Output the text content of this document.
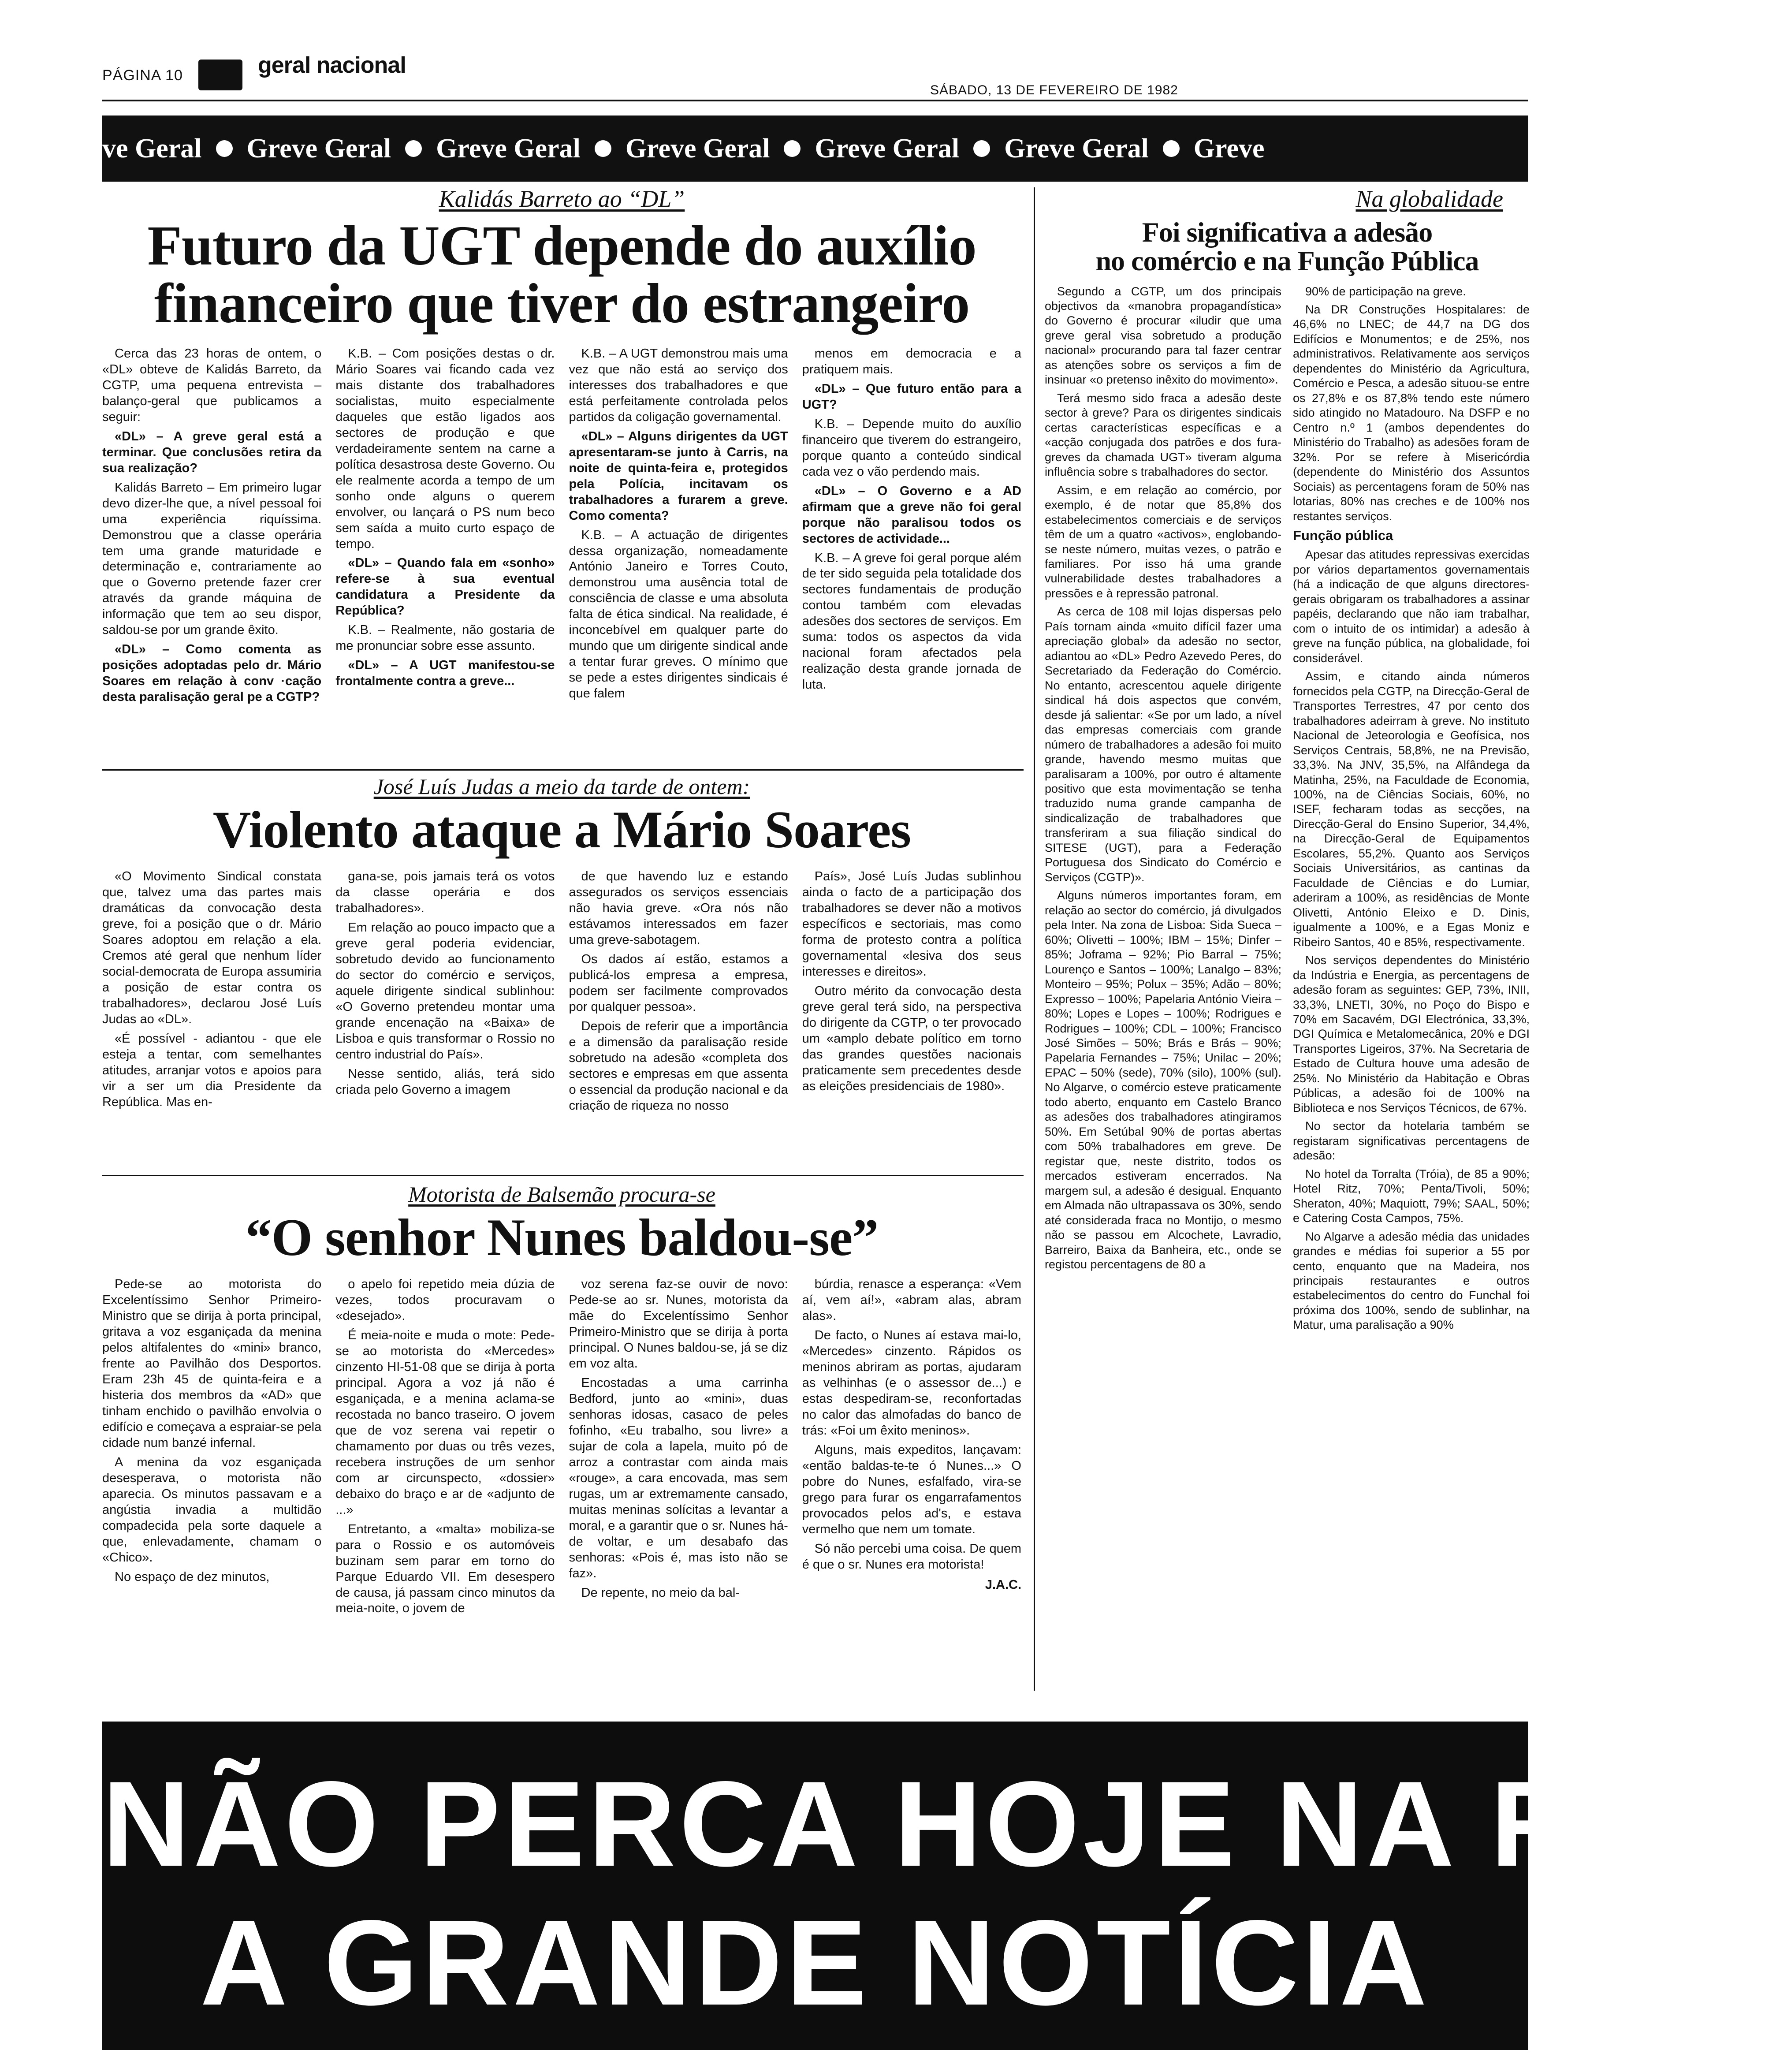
PÁGINA 10	geral nacional
SÁBADO, 13 DE FEVEREIRO DE 1982
ve Geral Greve Geral Greve Geral Greve Geral Greve Geral Greve Geral Greve
Kalidás Barreto ao “DL”
Futuro da UGT depende do auxílio
financeiro que tiver do estrangeiro

Cerca das 23 horas de ontem, o «DL» obteve de Kalidás Barreto, da CGTP, uma pequena entrevista – balanço-geral que publicamos a seguir:

«DL» – A greve geral está a terminar. Que conclusões retira da sua realização?

Kalidás Barreto – Em primeiro lugar devo dizer-lhe que, a nível pessoal foi uma experiência riquíssima. Demonstrou que a classe operária tem uma grande maturidade e determinação e, contrariamente ao que o Governo pretende fazer crer através da grande máquina de informação que tem ao seu dispor, saldou-se por um grande êxito.

«DL» – Como comenta as posições adoptadas pelo dr. Mário Soares em relação à conv ·cação desta paralisação geral pe a CGTP?

K.B. – Com posições destas o dr. Mário Soares vai ficando cada vez mais distante dos trabalhadores socialistas, muito especialmente daqueles que estão ligados aos sectores de produção e que verdadeiramente sentem na carne a política desastrosa deste Governo. Ou ele realmente acorda a tempo de um sonho onde alguns o querem envolver, ou lançará o PS num beco sem saída a muito curto espaço de tempo.

«DL» – Quando fala em «sonho» refere-se à sua eventual candidatura a Presidente da República?

K.B. – Realmente, não gostaria de me pronunciar sobre esse assunto.

«DL» – A UGT manifestou-se frontalmente contra a greve...

K.B. – A UGT demonstrou mais uma vez que não está ao serviço dos interesses dos trabalhadores e que está perfeitamente controlada pelos partidos da coligação governamental.

«DL» – Alguns dirigentes da UGT apresentaram-se junto à Carris, na noite de quinta-feira e, protegidos pela Polícia, incitavam os trabalhadores a furarem a greve. Como comenta?

K.B. – A actuação de dirigentes dessa organização, nomeadamente António Janeiro e Torres Couto, demonstrou uma ausência total de consciência de classe e uma absoluta falta de ética sindical. Na realidade, é inconcebível em qualquer parte do mundo que um dirigente sindical ande a tentar furar greves. O mínimo que se pede a estes dirigentes sindicais é que falem

menos em democracia e a pratiquem mais.

«DL» – Que futuro então para a UGT?

K.B. – Depende muito do auxílio financeiro que tiverem do estrangeiro, porque quanto a conteúdo sindical cada vez o vão perdendo mais.

«DL» – O Governo e a AD afirmam que a greve não foi geral porque não paralisou todos os sectores de actividade...

K.B. – A greve foi geral porque além de ter sido seguida pela totalidade dos sectores fundamentais de produção contou também com elevadas adesões dos sectores de serviços. Em suma: todos os aspectos da vida nacional foram afectados pela realização desta grande jornada de luta.

José Luís Judas a meio da tarde de ontem:
Violento ataque a Mário Soares

«O Movimento Sindical constata que, talvez uma das partes mais dramáticas da convocação desta greve, foi a posição que o dr. Mário Soares adoptou em relação a ela. Cremos até geral que nenhum líder social-democrata de Europa assumiria a posição de estar contra os trabalhadores», declarou José Luís Judas ao «DL».

«É possível - adiantou - que ele esteja a tentar, com semelhantes atitudes, arranjar votos e apoios para vir a ser um dia Presidente da República. Mas en-

gana-se, pois jamais terá os votos da classe operária e dos trabalhadores».

Em relação ao pouco impacto que a greve geral poderia evidenciar, sobretudo devido ao funcionamento do sector do comércio e serviços, aquele dirigente sindical sublinhou: «O Governo pretendeu montar uma grande encenação na «Baixa» de Lisboa e quis transformar o Rossio no centro industrial do País».

Nesse sentido, aliás, terá sido criada pelo Governo a imagem

de que havendo luz e estando assegurados os serviços essenciais não havia greve. «Ora nós não estávamos interessados em fazer uma greve-sabotagem.

Os dados aí estão, estamos a publicá-los empresa a empresa, podem ser facilmente comprovados por qualquer pessoa».

Depois de referir que a importância e a dimensão da paralisação reside sobretudo na adesão «completa dos sectores e empresas em que assenta o essencial da produção nacional e da criação de riqueza no nosso

País», José Luís Judas sublinhou ainda o facto de a participação dos trabalhadores se dever não a motivos específicos e sectoriais, mas como forma de protesto contra a política governamental «lesiva dos seus interesses e direitos».

Outro mérito da convocação desta greve geral terá sido, na perspectiva do dirigente da CGTP, o ter provocado um «amplo debate político em torno das grandes questões nacionais praticamente sem precedentes desde as eleições presidenciais de 1980».

Motorista de Balsemão procura-se
“O senhor Nunes baldou-se”

Pede-se ao motorista do Excelentíssimo Senhor Primeiro-Ministro que se dirija à porta principal, gritava a voz esganiçada da menina pelos altifalentes do «mini» branco, frente ao Pavilhão dos Desportos. Eram 23h 45 de quinta-feira e a histeria dos membros da «AD» que tinham enchido o pavilhão envolvia o edifício e começava a espraiar-se pela cidade num banzé infernal.

A menina da voz esganiçada desesperava, o motorista não aparecia. Os minutos passavam e a angústia invadia a multidão compadecida pela sorte daquele a que, enlevadamente, chamam o «Chico».

No espaço de dez minutos,

o apelo foi repetido meia dúzia de vezes, todos procuravam o «desejado».

É meia-noite e muda o mote: Pede-se ao motorista do «Mercedes» cinzento HI-51-08 que se dirija à porta principal. Agora a voz já não é esganiçada, e a menina aclama-se recostada no banco traseiro. O jovem que de voz serena vai repetir o chamamento por duas ou três vezes, recebera instruções de um senhor com ar circunspecto, «dossier» debaixo do braço e ar de «adjunto de ...»

Entretanto, a «malta» mobiliza-se para o Rossio e os automóveis buzinam sem parar em torno do Parque Eduardo VII. Em desespero de causa, já passam cinco minutos da meia-noite, o jovem de

voz serena faz-se ouvir de novo: Pede-se ao sr. Nunes, motorista da mãe do Excelentíssimo Senhor Primeiro-Ministro que se dirija à porta principal. O Nunes baldou-se, já se diz em voz alta.

Encostadas a uma carrinha Bedford, junto ao «mini», duas senhoras idosas, casaco de peles fofinho, «Eu trabalho, sou livre» a sujar de cola a lapela, muito pó de arroz a contrastar com ainda mais «rouge», a cara encovada, mas sem rugas, um ar extremamente cansado, muitas meninas solícitas a levantar a moral, e a garantir que o sr. Nunes há-de voltar, e um desabafo das senhoras: «Pois é, mas isto não se faz».

De repente, no meio da bal-

búrdia, renasce a esperança: «Vem aí, vem aí!», «abram alas, abram alas».

De facto, o Nunes aí estava mai-lo, «Mercedes» cinzento. Rápidos os meninos abriram as portas, ajudaram as velhinhas (e o assessor de...) e estas despediram-se, reconfortadas no calor das almofadas do banco de trás: «Foi um êxito meninos».

Alguns, mais expeditos, lançavam: «então baldas-te-te ó Nunes...» O pobre do Nunes, esfalfado, vira-se grego para furar os engarrafamentos provocados pelos ad's, e estava vermelho que nem um tomate.

Só não percebi uma coisa. De quem é que o sr. Nunes era motorista!

J.A.C.
Na globalidade
Foi significativa a adesão
no comércio e na Função Pública

Segundo a CGTP, um dos principais objectivos da «manobra propagandística» do Governo é procurar «iludir que uma greve geral visa sobretudo a produção nacional» procurando para tal fazer centrar as atenções sobre os serviços a fim de insinuar «o pretenso inêxito do movimento».

Terá mesmo sido fraca a adesão deste sector à greve? Para os dirigentes sindicais certas características específicas e a «acção conjugada dos patrões e dos fura-greves da chamada UGT» tiveram alguma influência sobre s trabalhadores do sector.

Assim, e em relação ao comércio, por exemplo, é de notar que 85,8% dos estabelecimentos comerciais e de serviços têm de um a quatro «activos», englobando-se neste número, muitas vezes, o patrão e familiares. Por isso há uma grande vulnerabilidade destes trabalhadores a pressões e à repressão patronal.

As cerca de 108 mil lojas dispersas pelo País tornam ainda «muito difícil fazer uma apreciação global» da adesão no sector, adiantou ao «DL» Pedro Azevedo Peres, do Secretariado da Federação do Comércio. No entanto, acrescentou aquele dirigente sindical há dois aspectos que convém, desde já salientar: «Se por um lado, a nível das empresas comerciais com grande número de trabalhadores a adesão foi muito grande, havendo mesmo muitas que paralisaram a 100%, por outro é altamente positivo que esta movimentação se tenha traduzido numa grande campanha de sindicalização de trabalhadores que transferiram a sua filiação sindical do SITESE (UGT), para a Federação Portuguesa dos Sindicato do Comércio e Serviços (CGTP)».

Alguns números importantes foram, em relação ao sector do comércio, já divulgados pela Inter. Na zona de Lisboa: Sida Sueca – 60%; Olivetti – 100%; IBM – 15%; Dinfer – 85%; Joframa – 92%; Pio Barral – 75%; Lourenço e Santos – 100%; Lanalgo – 83%; Monteiro – 95%; Polux – 35%; Adão – 80%; Expresso – 100%; Papelaria António Vieira – 80%; Lopes e Lopes – 100%; Rodrigues e Rodrigues – 100%; CDL – 100%; Francisco José Simões – 50%; Brás e Brás – 90%; Papelaria Fernandes – 75%; Unilac – 20%; EPAC – 50% (sede), 70% (silo), 100% (sul). No Algarve, o comércio esteve praticamente todo aberto, enquanto em Castelo Branco as adesões dos trabalhadores atingiramos 50%. Em Setúbal 90% de portas abertas com 50% trabalhadores em greve. De registar que, neste distrito, todos os mercados estiveram encerrados. Na margem sul, a adesão é desigual. Enquanto em Almada não ultrapassava os 30%, sendo até considerada fraca no Montijo, o mesmo não se passou em Alcochete, Lavradio, Barreiro, Baixa da Banheira, etc., onde se registou percentagens de 80 a

90% de participação na greve.

Na DR Construções Hospitalares: de 46,6% no LNEC; de 44,7 na DG dos Edifícios e Monumentos; e de 25%, nos administrativos. Relativamente aos serviços dependentes do Ministério da Agricultura, Comércio e Pesca, a adesão situou-se entre os 27,8% e os 87,8% tendo este número sido atingido no Matadouro. Na DSFP e no Centro n.º 1 (ambos dependentes do Ministério do Trabalho) as adesões foram de 32%. Por se refere à Misericórdia (dependente do Ministério dos Assuntos Sociais) as percentagens foram de 50% nas lotarias, 80% nas creches e de 100% nos restantes serviços.

Função pública

Apesar das atitudes repressivas exercidas por vários departamentos governamentais (há a indicação de que alguns directores-gerais obrigaram os trabalhadores a assinar papéis, declarando que não iam trabalhar, com o intuito de os intimidar) a adesão à greve na função pública, na globalidade, foi considerável.

Assim, e citando ainda números fornecidos pela CGTP, na Direcção-Geral de Transportes Terrestres, 47 por cento dos trabalhadores adeirram à greve. No instituto Nacional de Jeteorologia e Geofísica, nos Serviços Centrais, 58,8%, ne na Previsão, 33,3%. Na JNV, 35,5%, na Alfândega da Matinha, 25%, na Faculdade de Economia, 100%, na de Ciências Sociais, 60%, no ISEF, fecharam todas as secções, na Direcção-Geral do Ensino Superior, 34,4%, na Direcção-Geral de Equipamentos Escolares, 55,2%. Quanto aos Serviços Sociais Universitários, as cantinas da Faculdade de Ciências e do Lumiar, aderiram a 100%, as residências de Monte Olivetti, António Eleixo e D. Dinis, igualmente a 100%, e a Egas Moniz e Ribeiro Santos, 40 e 85%, respectivamente.

Nos serviços dependentes do Ministério da Indústria e Energia, as percentagens de adesão foram as seguintes: GEP, 73%, INII, 33,3%, LNETI, 30%, no Poço do Bispo e 70% em Sacavém, DGI Electrónica, 33,3%, DGI Química e Metalomecânica, 20% e DGI Transportes Ligeiros, 37%. Na Secretaria de Estado de Cultura houve uma adesão de 25%. No Ministério da Habitação e Obras Públicas, a adesão foi de 100% na Biblioteca e nos Serviços Técnicos, de 67%.

No sector da hotelaria também se registaram significativas percentagens de adesão:

No hotel da Torralta (Tróia), de 85 a 90%; Hotel Ritz, 70%; Penta/Tivoli, 50%; Sheraton, 40%; Maquiott, 79%; SAAL, 50%; e Catering Costa Campos, 75%.

No Algarve a adesão média das unidades grandes e médias foi superior a 55 por cento, enquanto que na Madeira, nos principais restaurantes e outros estabelecimentos do centro do Funchal foi próxima dos 100%, sendo de sublinhar, na Matur, uma paralisação a 90%

NÃO PERCA HOJE NA RTP.
A GRANDE NOTÍCIA
